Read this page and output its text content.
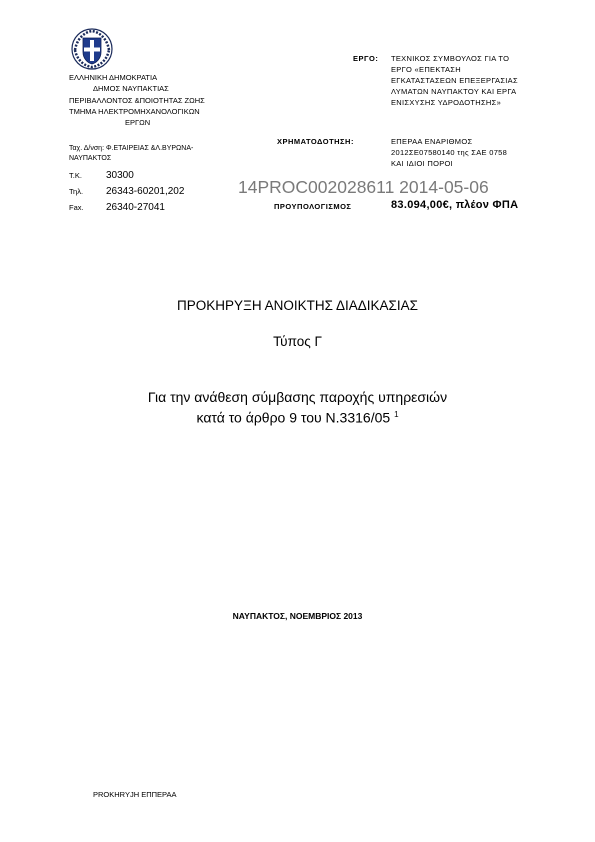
ΕΛΛΗΝΙΚΗ ΔΗΜΟΚΡΑΤΙΑ
ΔΗΜΟΣ ΝΑΥΠΑΚΤΙΑΣ
ΠΕΡΙΒΑΛΛΟΝΤΟΣ &ΠΟΙΟΤΗΤΑΣ ΖΩΗΣ
ΤΜΗΜΑ ΗΛΕΚΤΡΟΜΗΧΑΝΟΛΟΓΙΚΩΝ
ΕΡΓΩΝ
Ταχ. Δ/νση: Φ.ΕΤΑΙΡΕΙΑΣ &Λ.ΒΥΡΩΝΑ-
ΝΑΥΠΑΚΤΟΣ
Τ.Κ. 30300
Τηλ. 26343-60201,202
Fax. 26340-27041
ΕΡΓΟ: ΤΕΧΝΙΚΟΣ ΣΥΜΒΟΥΛΟΣ ΓΙΑ ΤΟ
ΕΡΓΟ «ΕΠΕΚΤΑΣΗ
ΕΓΚΑΤΑΣΤΑΣΕΩΝ ΕΠΕΞΕΡΓΑΣΙΑΣ
ΛΥΜΑΤΩΝ ΝΑΥΠΑΚΤΟΥ ΚΑΙ ΕΡΓΑ
ΕΝΙΣΧΥΣΗΣ ΥΔΡΟΔΟΤΗΣΗΣ»
ΧΡΗΜΑΤΟΔΟΤΗΣΗ:	ΕΠΕΡΑΑ ΕΝΑΡΙΘΜΟΣ
2012ΣΕ07580140 της ΣΑΕ 0758
ΚΑΙ ΙΔΙΟΙ ΠΟΡΟΙ
ΠΡΟΥΠΟΛΟΓΙΣΜΟΣ	83.094,00€, πλέον ΦΠΑ
14PROC002028611 2014-05-06
ΠΡΟΚΗΡΥΞΗ ΑΝΟΙΚΤΗΣ ΔΙΑΔΙΚΑΣΙΑΣ
Τύπος Γ
Για την ανάθεση σύμβασης παροχής υπηρεσιών
κατά το άρθρο 9 του Ν.3316/05 $^1$
ΝΑΥΠΑΚΤΟΣ, ΝΟΕΜΒΡΙΟΣ 2013
PROKHRYJH ΕΠΠΕΡΑΑ
